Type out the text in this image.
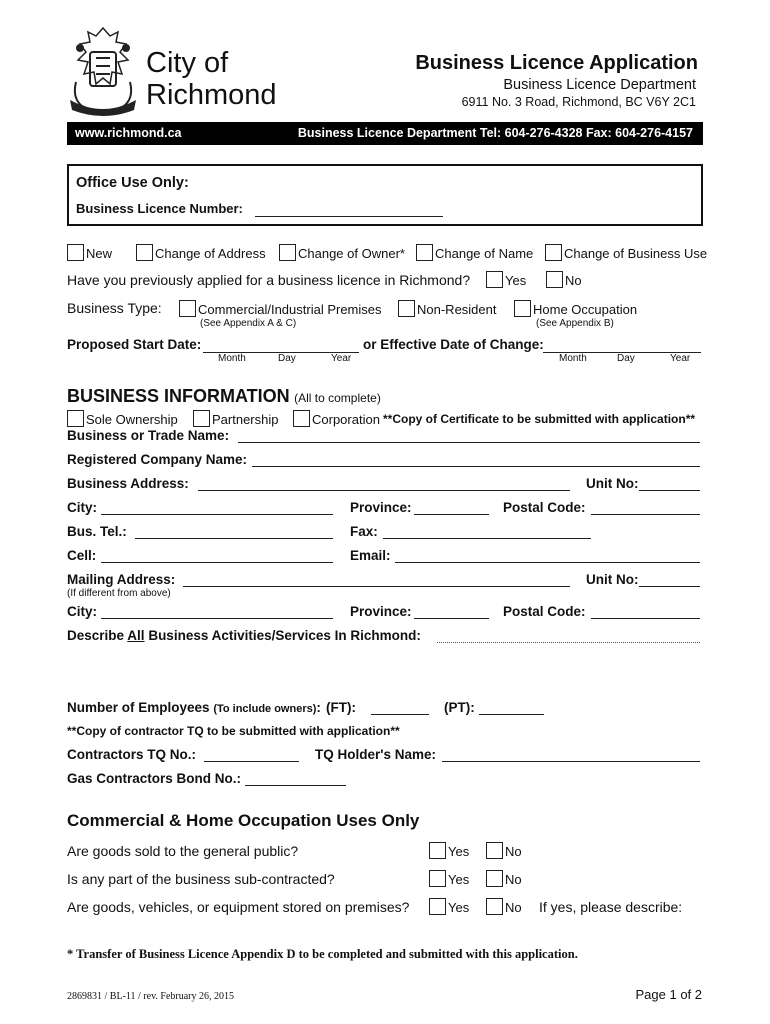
City of
Richmond
Business Licence Application
Business Licence Department
6911 No. 3 Road, Richmond, BC V6Y 2C1
www.richmond.ca	Business Licence Department Tel: 604-276-4328 Fax: 604-276-4157
Office Use Only:
Business Licence Number:
New	Change of Address	Change of Owner*	Change of Name	Change of Business Use
Have you previously applied for a business licence in Richmond?	Yes	No
Business Type:	Commercial/Industrial Premises
(See Appendix A & C)
Non-Resident	Home Occupation
(See Appendix B)
Proposed Start Date:
Month	Day	Year
or Effective Date of Change:
Month	Day	Year
BUSINESS INFORMATION (All to complete)
Sole Ownership	Partnership	Corporation **Copy of Certificate to be submitted with application**
Business or Trade Name:
Registered Company Name:
Business Address:	Unit No:
City:	Province:	Postal Code:
Bus. Tel.:	Fax:
Cell:	Email:
Mailing Address:	Unit No:
(If different from above)
City:	Province:	Postal Code:
Describe All Business Activities/Services In Richmond:
Number of Employees (To include owners): (FT):	(PT):
**Copy of contractor TQ to be submitted with application**
Contractors TQ No.:	TQ Holder's Name:
Gas Contractors Bond No.:
Commercial & Home Occupation Uses Only
Are goods sold to the general public?	Yes	No
Is any part of the business sub-contracted?	Yes	No
Are goods, vehicles, or equipment stored on premises?	Yes	No If yes, please describe:
* Transfer of Business Licence Appendix D to be completed and submitted with this application.
2869831 / BL-11 / rev. February 26, 2015	Page 1 of 2
